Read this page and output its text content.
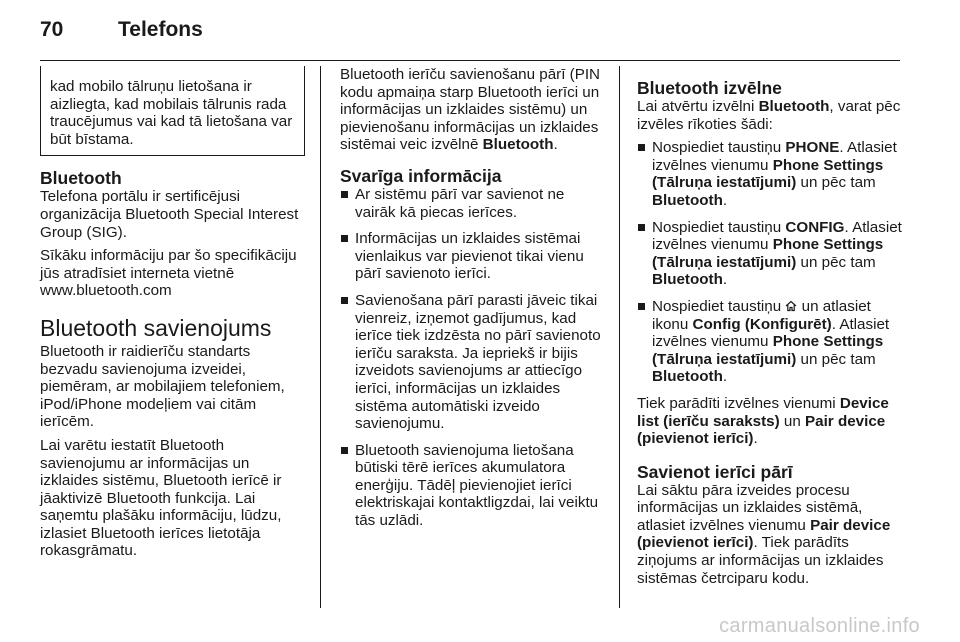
70	Telefons
kad mobilo tālruņu lietošana ir aizliegta, kad mobilais tālrunis rada traucējumus vai kad tā lietošana var būt bīstama.
Bluetooth

Telefona portālu ir sertificējusi organizācija Bluetooth Special Interest Group (SIG).

Sīkāku informāciju par šo specifikāciju jūs atradīsiet interneta vietnē www.bluetooth.com

Bluetooth savienojums

Bluetooth ir raidierīču standarts bezvadu savienojuma izveidei, piemēram, ar mobilajiem telefoniem, iPod/iPhone modeļiem vai citām ierīcēm.

Lai varētu iestatīt Bluetooth savienojumu ar informācijas un izklaides sistēmu, Bluetooth ierīcē ir jāaktivizē Bluetooth funkcija. Lai saņemtu plašāku informāciju, lūdzu, izlasiet Bluetooth ierīces lietotāja rokasgrāmatu.

Bluetooth ierīču savienošanu pārī (PIN kodu apmaiņa starp Bluetooth ierīci un informācijas un izklaides sistēmu) un pievienošanu informācijas un izklaides sistēmai veic izvēlnē Bluetooth.

Svarīga informācija
Ar sistēmu pārī var savienot ne vairāk kā piecas ierīces.
Informācijas un izklaides sistēmai vienlaikus var pievienot tikai vienu pārī savienoto ierīci.
Savienošana pārī parasti jāveic tikai vienreiz, izņemot gadījumus, kad ierīce tiek izdzēsta no pārī savienoto ierīču saraksta. Ja iepriekš ir bijis izveidots savienojums ar attiecīgo ierīci, informācijas un izklaides sistēma automātiski izveido savienojumu.
Bluetooth savienojuma lietošana būtiski tērē ierīces akumulatora enerģiju. Tādēļ pievienojiet ierīci elektriskajai kontaktligzdai, lai veiktu tās uzlādi.
Bluetooth izvēlne

Lai atvērtu izvēlni Bluetooth, varat pēc izvēles rīkoties šādi:

Nospiediet taustiņu PHONE. Atlasiet izvēlnes vienumu Phone Settings (Tālruņa iestatījumi) un pēc tam Bluetooth.
Nospiediet taustiņu CONFIG. Atlasiet izvēlnes vienumu Phone Settings (Tālruņa iestatījumi) un pēc tam Bluetooth.
Nospiediet taustiņu  un atlasiet ikonu Config (Konfigurēt). Atlasiet izvēlnes vienumu Phone Settings (Tālruņa iestatījumi) un pēc tam Bluetooth.

Tiek parādīti izvēlnes vienumi Device list (ierīču saraksts) un Pair device (pievienot ierīci).

Savienot ierīci pārī

Lai sāktu pāra izveides procesu informācijas un izklaides sistēmā, atlasiet izvēlnes vienumu Pair device (pievienot ierīci). Tiek parādīts ziņojums ar informācijas un izklaides sistēmas četrciparu kodu.

carmanualsonline.info
